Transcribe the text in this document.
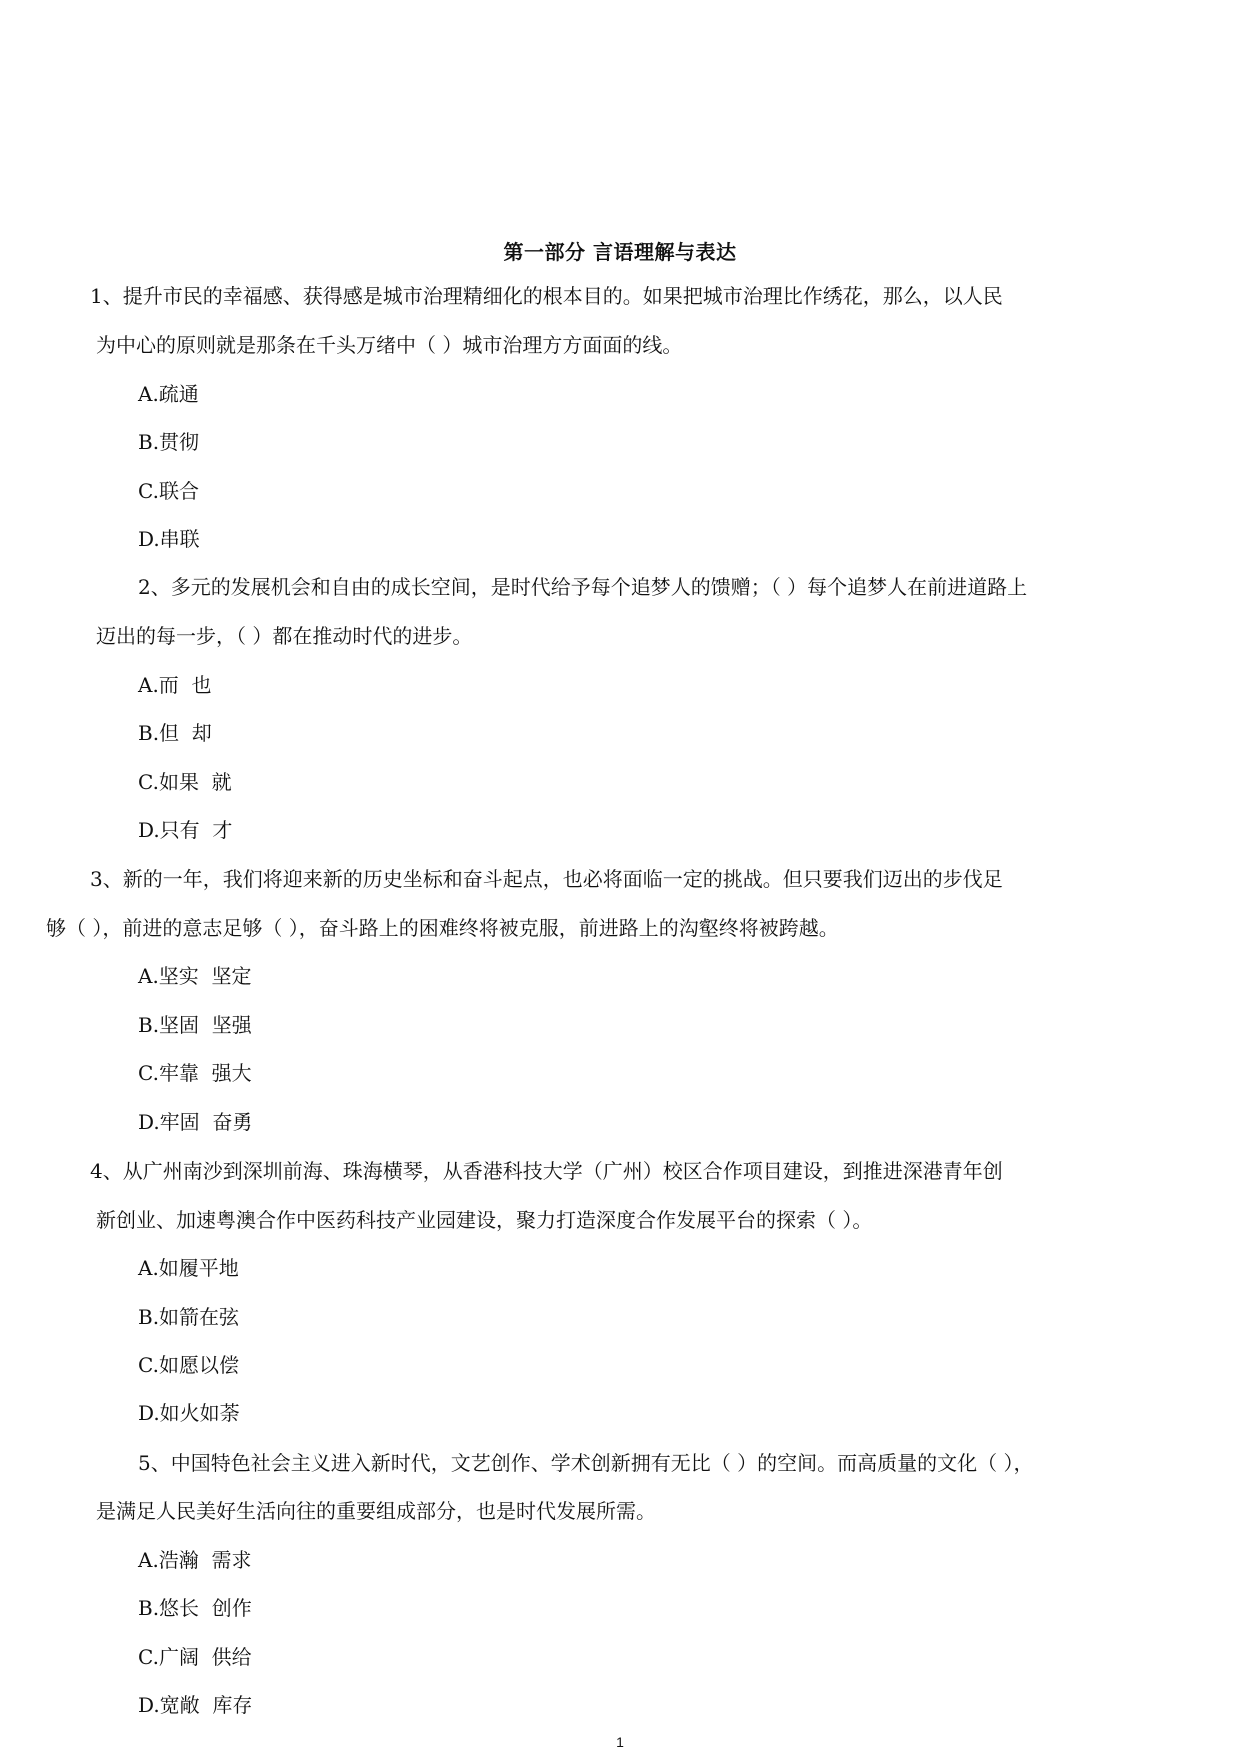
第一部分 言语理解与表达
1、提升市民的幸福感、获得感是城市治理精细化的根本目的。如果把城市治理比作绣花，那么，以人民
为中心的原则就是那条在千头万绪中（ ）城市治理方方面面的线。
A.疏通
B.贯彻
C.联合
D.串联
2、多元的发展机会和自由的成长空间，是时代给予每个追梦人的馈赠；（ ）每个追梦人在前进道路上
迈出的每一步，（ ）都在推动时代的进步。
A.而  也
B.但  却
C.如果  就
D.只有  才
3、新的一年，我们将迎来新的历史坐标和奋斗起点，也必将面临一定的挑战。但只要我们迈出的步伐足
够（ ），前进的意志足够（ ），奋斗路上的困难终将被克服，前进路上的沟壑终将被跨越。
A.坚实  坚定
B.坚固  坚强
C.牢靠  强大
D.牢固  奋勇
4、从广州南沙到深圳前海、珠海横琴，从香港科技大学（广州）校区合作项目建设，到推进深港青年创
新创业、加速粤澳合作中医药科技产业园建设，聚力打造深度合作发展平台的探索（ ）。
A.如履平地
B.如箭在弦
C.如愿以偿
D.如火如荼
5、中国特色社会主义进入新时代，文艺创作、学术创新拥有无比（ ）的空间。而高质量的文化（ ），
是满足人民美好生活向往的重要组成部分，也是时代发展所需。
A.浩瀚  需求
B.悠长  创作
C.广阔  供给
D.宽敞  库存
1
